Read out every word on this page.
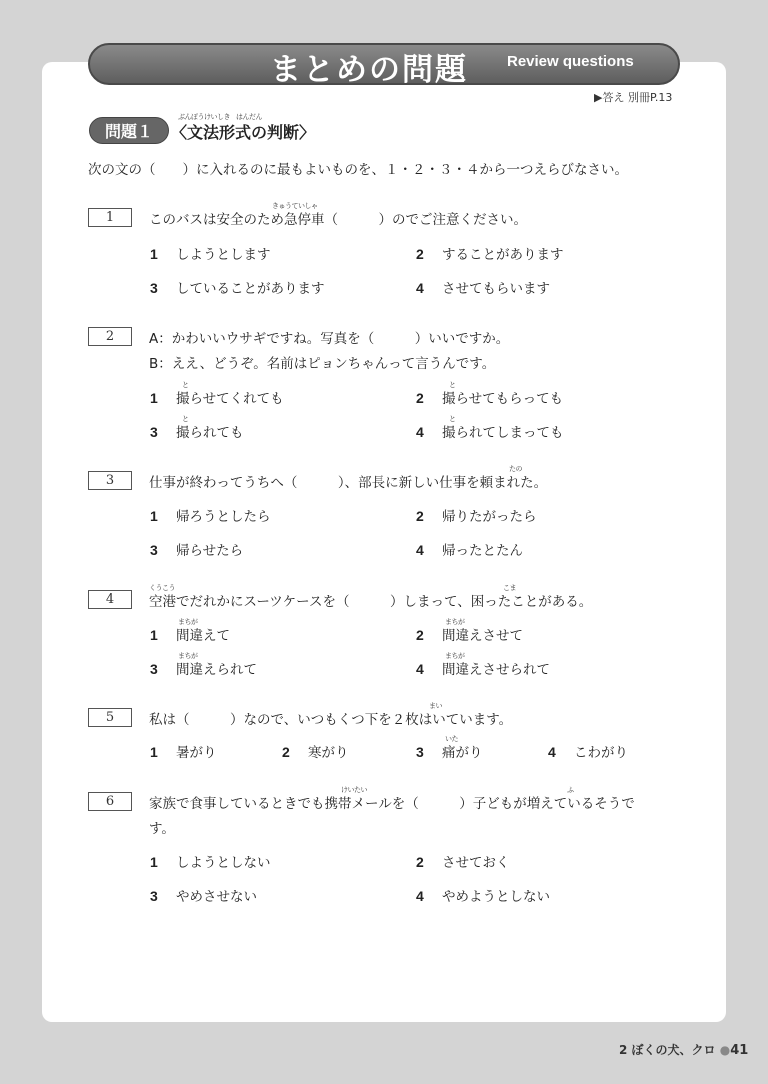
まとめの問題	Review questions
▶答え 別冊P.13
問題１
ぶんぽうけいしき はんだん
〈文法形式の判断〉
次の文の（　　）に入れるのに最もよいものを、１・２・３・４から一つえらびなさい。
1
きゅうていしゃ
このバスは安全のため急停車（　　　）のでご注意ください。
1 しようとします	2 することがあります
3 していることがあります	4 させてもらいます
2	A：かわいいウサギですね。写真を（　　　）いいですか。
B：ええ、どうぞ。名前はピョンちゃんって言うんです。
と	と
と	と
1 撮らせてくれても	2 撮らせてもらっても
3 撮られても	4 撮られてしまっても
3
たの
仕事が終わってうちへ（　　　）、部長に新しい仕事を頼まれた。
1 帰ろうとしたら	2 帰りたがったら
3 帰らせたら	4 帰ったとたん
4
くうこう	こま
空港でだれかにスーツケースを（　　　）しまって、困ったことがある。
まちが	まちが
まちが	まちが
1 間違えて	2 間違えさせて
3 間違えられて	4 間違えさせられて
5
まい
私は（　　　）なので、いつもくつ下を２枚はいています。
いた
1 暑がり	2 寒がり	3 痛がり	4 こわがり
6
けいたい	ふ
家族で食事しているときでも携帯メールを（　　　）子どもが増えているそうで
す。
1 しようとしない	2 させておく
3 やめさせない	4 やめようとしない
2 ぼくの犬、クロ ●41
